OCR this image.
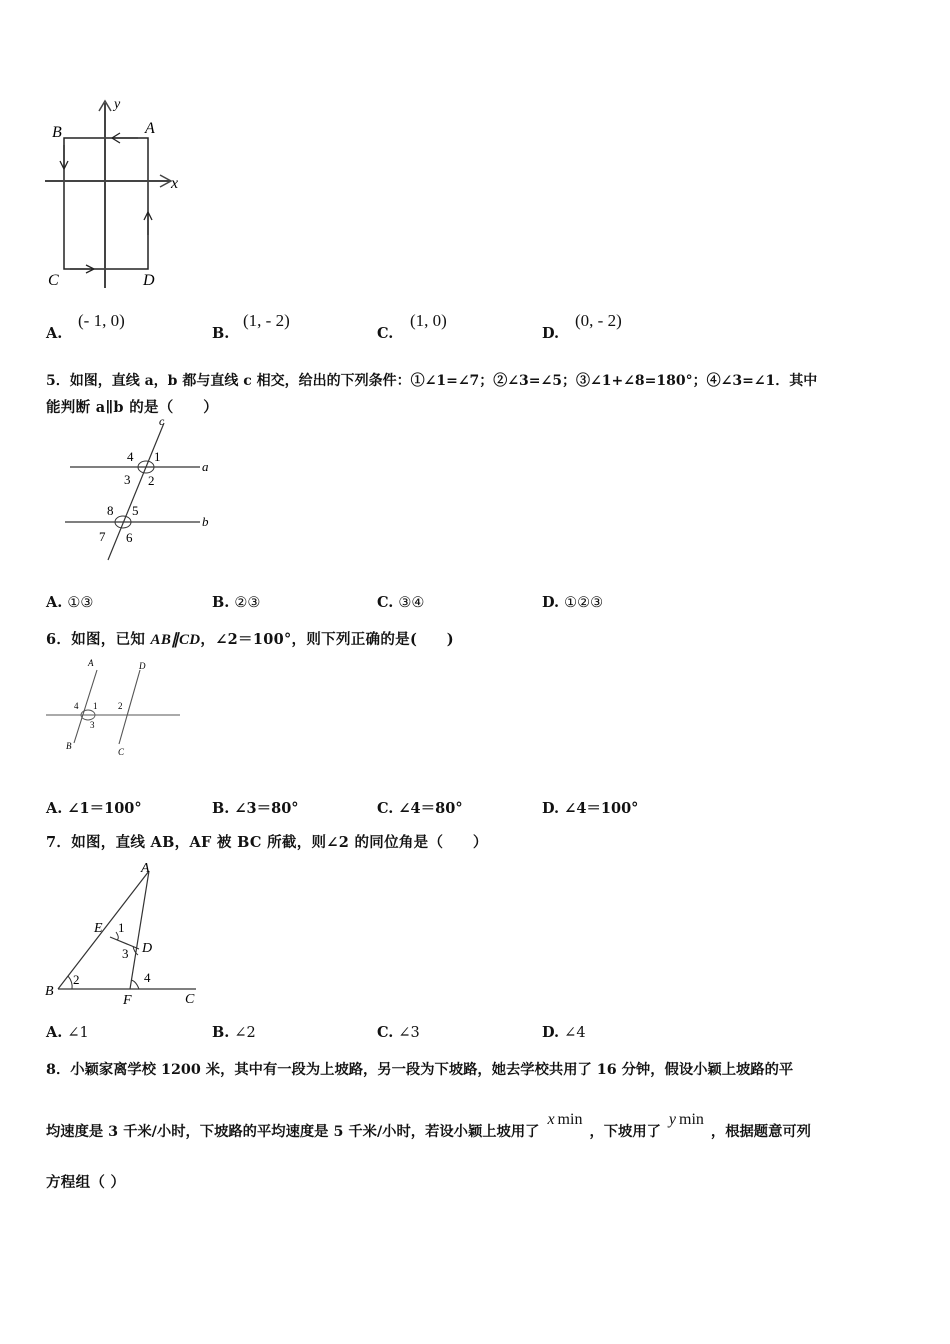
y
x
A
B
C	D
A.
(- 1, 0)
B.
(1, - 2)
C.
(1, 0)
D.
(0, - 2)
5．如图，直线 a，b 都与直线 c 相交，给出的下列条件：①∠1=∠7；②∠3=∠5；③∠1+∠8=180°；④∠3=∠1．其中
能判断 a∥b 的是（　　）
c
a
b
4 1
3 2
8 5
7 6
A. ①③	B. ②③	C. ③④	D. ①②③
6．如图，已知 AB∥CD，∠2＝100°，则下列正确的是(　　)
A	D
B
C
4 1
3
2
A. ∠1＝100°	B. ∠3＝80°	C. ∠4＝80°	D. ∠4＝100°
7．如图，直线 AB，AF 被 BC 所截，则∠2 的同位角是（　　）
A
E
D
B
F	C
1
3
4
2
A. ∠1	B. ∠2	C. ∠3	D. ∠4
8．小颖家离学校 1200 米，其中有一段为上坡路，另一段为下坡路，她去学校共用了 16 分钟，假设小颖上坡路的平
均速度是 3 千米/小时，下坡路的平均速度是 5 千米/小时，若设小颖上坡用了 x min ，下坡用了 y min ，根据题意可列
方程组（ ）
